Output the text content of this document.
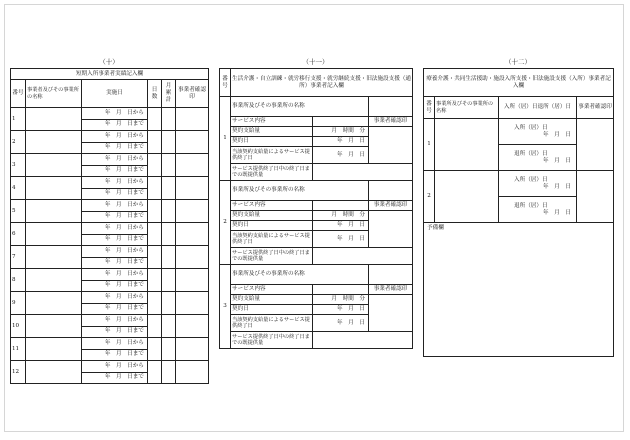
（十）
短期入所事業者実績記入欄					
番号	事業者及びその事業所の名称	実施日	日数	月累計	事業者確認印
1		年　月　日から			
		年　月　日まで			
2		年　月　日から			
		年　月　日まで			
3		年　月　日から			
		年　月　日まで			
4		年　月　日から			
		年　月　日まで			
5		年　月　日から			
		年　月　日まで			
6		年　月　日から			
		年　月　日まで			
7		年　月　日から			
		年　月　日まで			
8		年　月　日から			
		年　月　日まで			
9		年　月　日から			
		年　月　日まで			
10		年　月　日から			
		年　月　日まで			
11		年　月　日から			
		年　月　日まで			
12		年　月　日から			
		年　月　日まで			
（十一）
番号	生活介護・自立訓練・就労移行支援・就労継続支援・旧法施設支援（通所）事業者記入欄		
1	事業所及びその事業所の名称		
	サービス内容		事業者確認印
	契約支給量	月　時間　分	
	契約日	年　月　日	
	当該契約支給量によるサービス提供終了日	年　月　日	
	サービス提供終了日中の終了日までの既提供量		
2	事業所及びその事業所の名称		
	サービス内容		事業者確認印
	契約支給量	月　時間　分	
	契約日	年　月　日	
	当該契約支給量によるサービス提供終了日	年　月　日	
	サービス提供終了日中の終了日までの既提供量		
3	事業所及びその事業所の名称		
	サービス内容		事業者確認印
	契約支給量	月　時間　分	
	契約日	年　月　日	
	当該契約支給量によるサービス提供終了日	年　月　日	
	サービス提供終了日中の終了日までの既提供量		
（十二）
療養介護・共同生活援助・施設入所支援・旧法施設支援（入所）事業者記入欄			
番号	事業所及びその事業所の名称	入所（居）日退所（居）日	事業者確認印
1		入所（居）日
年　月　日	

		退所（居）日
年　月　日	

2		入所（居）日
年　月　日	

		退所（居）日
年　月　日	

予備欄			
